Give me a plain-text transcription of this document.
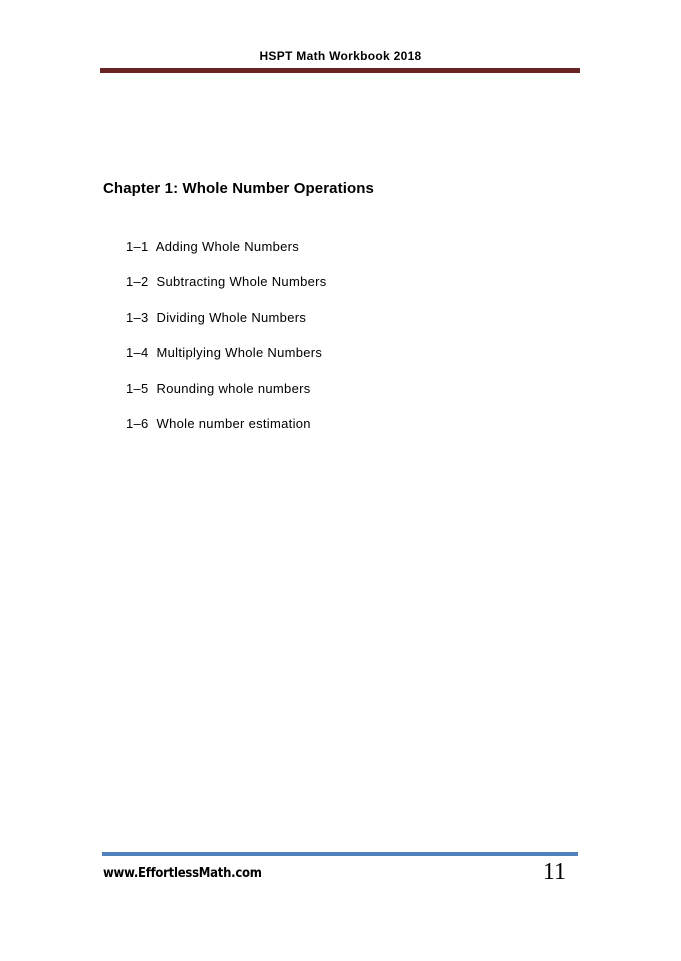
HSPT Math Workbook 2018
Chapter 1: Whole Number Operations
1–1 Adding Whole Numbers
1–2 Subtracting Whole Numbers
1–3 Dividing Whole Numbers
1–4 Multiplying Whole Numbers
1–5 Rounding whole numbers
1–6 Whole number estimation
www.EffortlessMath.com	11
